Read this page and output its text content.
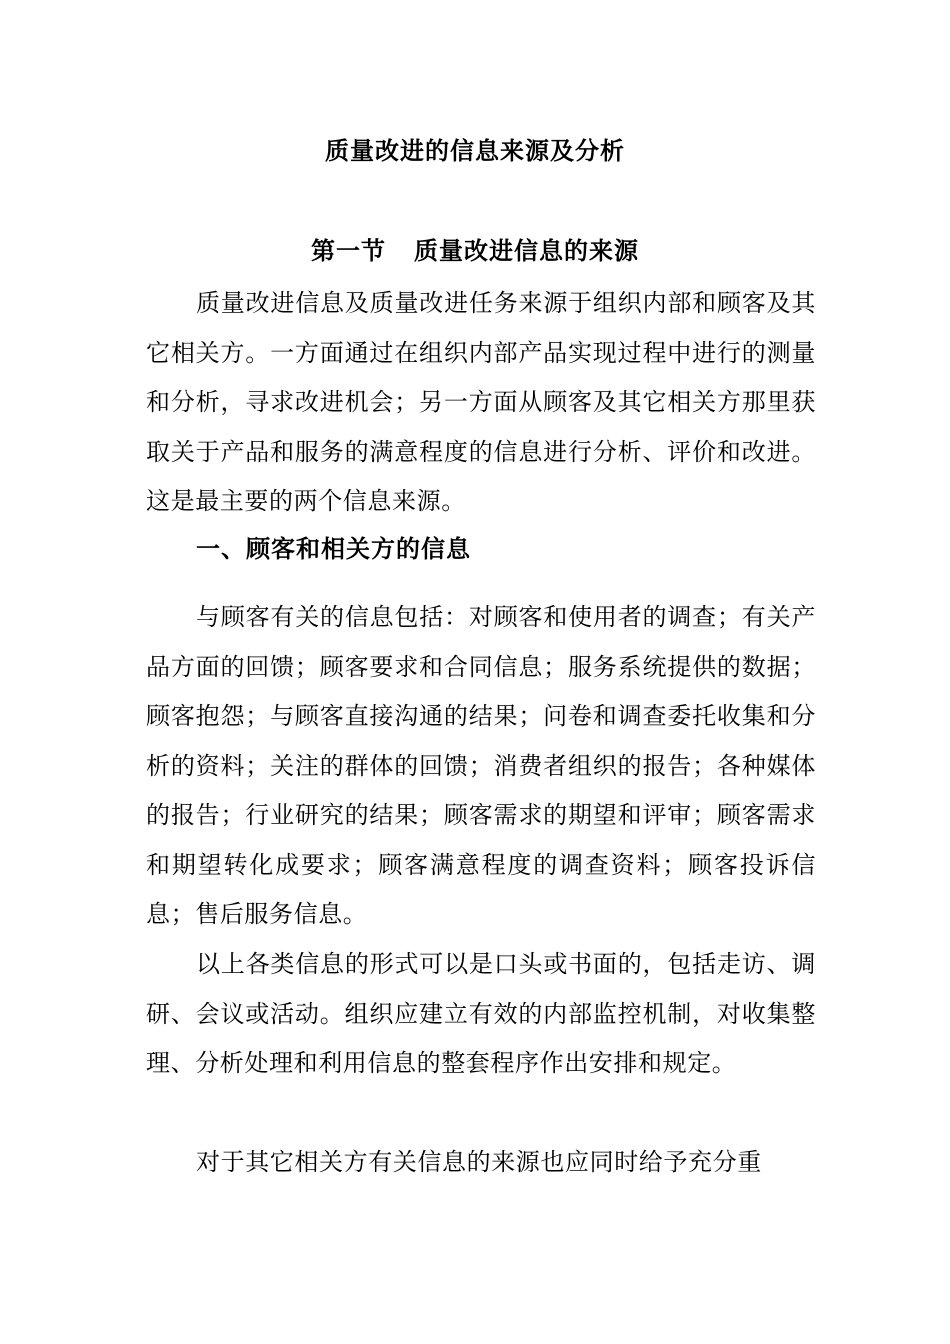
质量改进的信息来源及分析
第一节 质量改进信息的来源
质量改进信息及质量改进任务来源于组织内部和顾客及其它相关方。一方面通过在组织内部产品实现过程中进行的测量和分析，寻求改进机会；另一方面从顾客及其它相关方那里获取关于产品和服务的满意程度的信息进行分析、评价和改进。这是最主要的两个信息来源。
一、顾客和相关方的信息
与顾客有关的信息包括：对顾客和使用者的调查；有关产品方面的回馈；顾客要求和合同信息；服务系统提供的数据；顾客抱怨；与顾客直接沟通的结果；问卷和调查委托收集和分析的资料；关注的群体的回馈；消费者组织的报告；各种媒体的报告；行业研究的结果；顾客需求的期望和评审；顾客需求和期望转化成要求；顾客满意程度的调查资料；顾客投诉信息；售后服务信息。
以上各类信息的形式可以是口头或书面的，包括走访、调研、会议或活动。组织应建立有效的内部监控机制，对收集整理、分析处理和利用信息的整套程序作出安排和规定。
对于其它相关方有关信息的来源也应同时给予充分重
